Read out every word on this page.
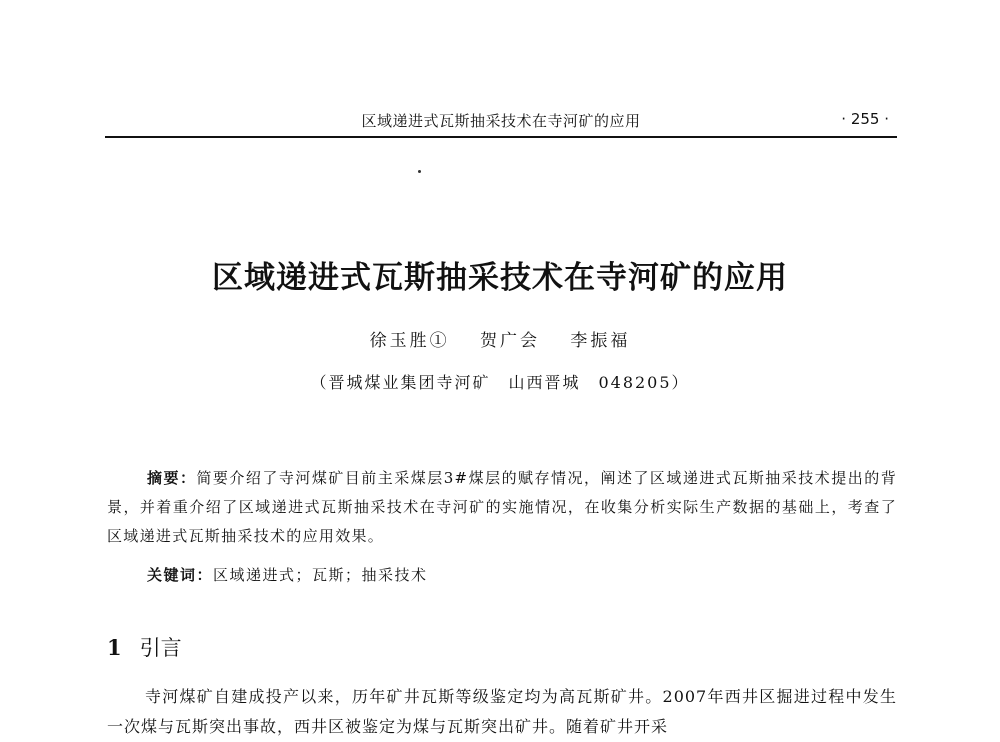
区域递进式瓦斯抽采技术在寺河矿的应用	· 255 ·
区域递进式瓦斯抽采技术在寺河矿的应用
徐玉胜① 贺广会 李振福
（晋城煤业集团寺河矿　山西晋城　048205）

摘要：简要介绍了寺河煤矿目前主采煤层3#煤层的赋存情况，阐述了区域递进式瓦斯抽采技术提出的背景，并着重介绍了区域递进式瓦斯抽采技术在寺河矿的实施情况，在收集分析实际生产数据的基础上，考查了区域递进式瓦斯抽采技术的应用效果。

关键词：区域递进式；瓦斯；抽采技术
1 引言

寺河煤矿自建成投产以来，历年矿井瓦斯等级鉴定均为高瓦斯矿井。2007年西井区掘进过程中发生一次煤与瓦斯突出事故，西井区被鉴定为煤与瓦斯突出矿井。随着矿井开采
